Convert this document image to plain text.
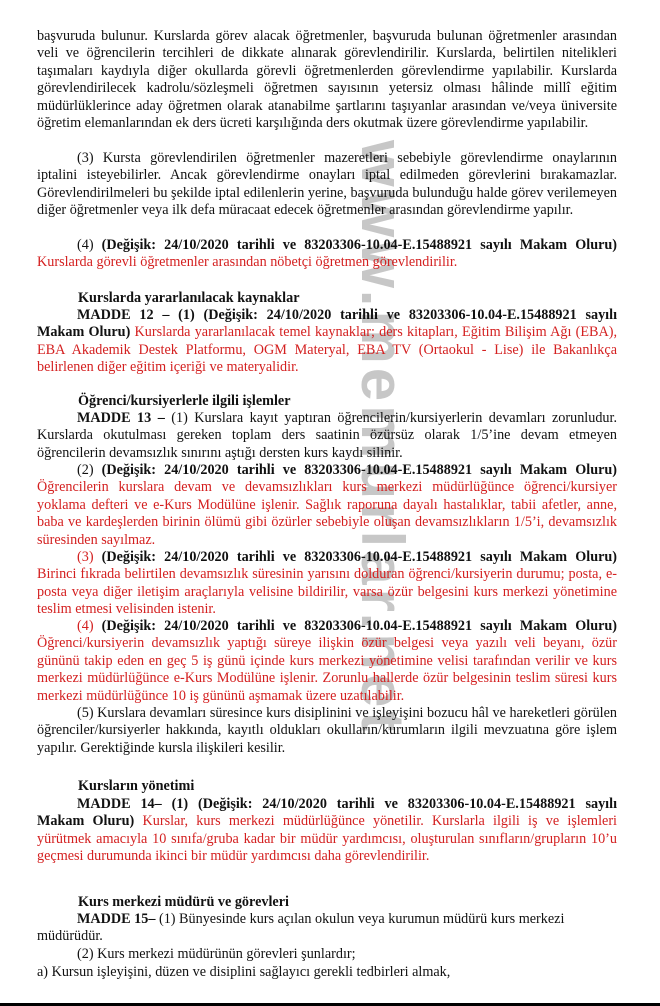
www.memurlar.net

başvuruda bulunur. Kurslarda görev alacak öğretmenler, başvuruda bulunan öğretmenler arasından veli ve öğrencilerin tercihleri de dikkate alınarak görevlendirilir. Kurslarda, belirtilen nitelikleri taşımaları kaydıyla diğer okullarda görevli öğretmenlerden görevlendirme yapılabilir. Kurslarda görevlendirilecek kadrolu/sözleşmeli öğretmen sayısının yetersiz olması hâlinde millî eğitim müdürlüklerince aday öğretmen olarak atanabilme şartlarını taşıyanlar arasından ve/veya üniversite öğretim elemanlarından ek ders ücreti karşılığında ders okutmak üzere görevlendirme yapılabilir.

(3) Kursta görevlendirilen öğretmenler mazeretleri sebebiyle görevlendirme onaylarının iptalini isteyebilirler. Ancak görevlendirme onayları iptal edilmeden görevlerini bırakamazlar. Görevlendirilmeleri bu şekilde iptal edilenlerin yerine, başvuruda bulunduğu halde görev verilemeyen diğer öğretmenler veya ilk defa müracaat edecek öğretmenler arasından görevlendirme yapılır.

(4) (Değişik: 24/10/2020 tarihli ve 83203306-10.04-E.15488921 sayılı Makam Oluru) Kurslarda görevli öğretmenler arasından nöbetçi öğretmen görevlendirilir.

Kurslarda yararlanılacak kaynaklar

MADDE 12 – (1) (Değişik: 24/10/2020 tarihli ve 83203306-10.04-E.15488921 sayılı Makam Oluru) Kurslarda yararlanılacak temel kaynaklar; ders kitapları, Eğitim Bilişim Ağı (EBA), EBA Akademik Destek Platformu, OGM Materyal, EBA TV (Ortaokul - Lise) ile Bakanlıkça belirlenen diğer eğitim içeriği ve materyalidir.

Öğrenci/kursiyerlerle ilgili işlemler

MADDE 13 – (1) Kurslara kayıt yaptıran öğrencilerin/kursiyerlerin devamları zorunludur. Kurslarda okutulması gereken toplam ders saatinin özürsüz olarak 1/5’ine devam etmeyen öğrencilerin devamsızlık sınırını aştığı dersten kurs kaydı silinir.

(2) (Değişik: 24/10/2020 tarihli ve 83203306-10.04-E.15488921 sayılı Makam Oluru) Öğrencilerin kurslara devam ve devamsızlıkları kurs merkezi müdürlüğünce öğrenci/kursiyer yoklama defteri ve e-Kurs Modülüne işlenir. Sağlık raporuna dayalı hastalıklar, tabii afetler, anne, baba ve kardeşlerden birinin ölümü gibi özürler sebebiyle oluşan devamsızlıkların 1/5’i, devamsızlık süresinden sayılmaz.

(3) (Değişik: 24/10/2020 tarihli ve 83203306-10.04-E.15488921 sayılı Makam Oluru) Birinci fıkrada belirtilen devamsızlık süresinin yarısını dolduran öğrenci/kursiyerin durumu; posta, e-posta veya diğer iletişim araçlarıyla velisine bildirilir, varsa özür belgesini kurs merkezi yönetimine teslim etmesi velisinden istenir.

(4) (Değişik: 24/10/2020 tarihli ve 83203306-10.04-E.15488921 sayılı Makam Oluru) Öğrenci/kursiyerin devamsızlık yaptığı süreye ilişkin özür belgesi veya yazılı veli beyanı, özür gününü takip eden en geç 5 iş günü içinde kurs merkezi yönetimine velisi tarafından verilir ve kurs merkezi müdürlüğünce e-Kurs Modülüne işlenir. Zorunlu hallerde özür belgesinin teslim süresi kurs merkezi müdürlüğünce 10 iş gününü aşmamak üzere uzatılabilir.

(5) Kurslara devamları süresince kurs disiplinini ve işleyişini bozucu hâl ve hareketleri görülen öğrenciler/kursiyerler hakkında, kayıtlı oldukları okulların/kurumların ilgili mevzuatına göre işlem yapılır. Gerektiğinde kursla ilişkileri kesilir.

Kursların yönetimi

MADDE 14– (1) (Değişik: 24/10/2020 tarihli ve 83203306-10.04-E.15488921 sayılı Makam Oluru) Kurslar, kurs merkezi müdürlüğünce yönetilir. Kurslarla ilgili iş ve işlemleri yürütmek amacıyla 10 sınıfa/gruba kadar bir müdür yardımcısı, oluşturulan sınıfların/grupların 10’u geçmesi durumunda ikinci bir müdür yardımcısı daha görevlendirilir.

Kurs merkezi müdürü ve görevleri

MADDE 15– (1) Bünyesinde kurs açılan okulun veya kurumun müdürü kurs merkezi müdürüdür.

(2) Kurs merkezi müdürünün görevleri şunlardır;

a) Kursun işleyişini, düzen ve disiplini sağlayıcı gerekli tedbirleri almak,
